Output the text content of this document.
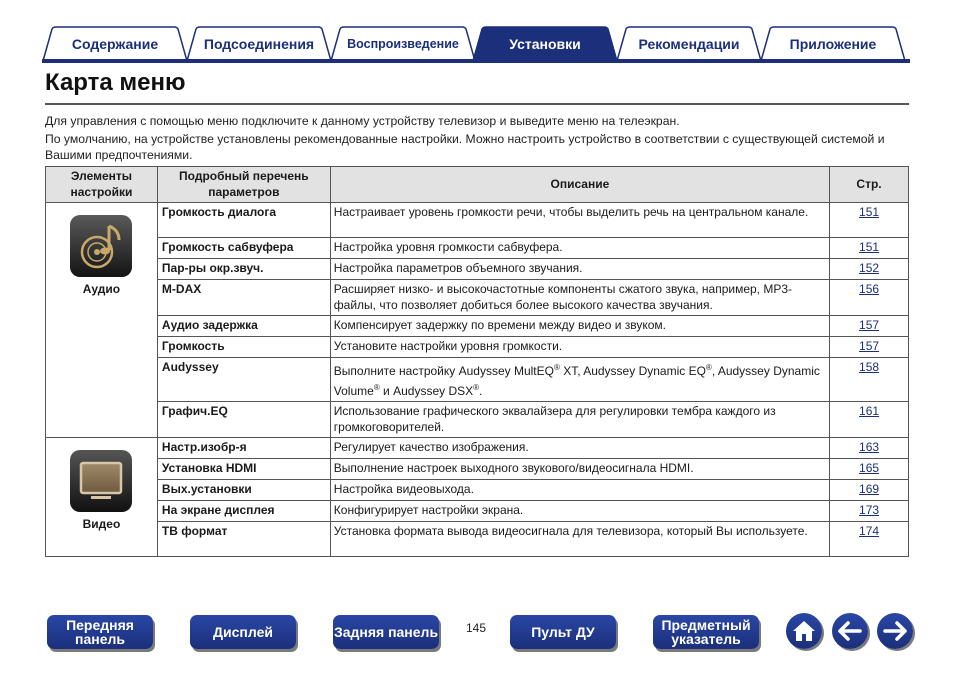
Содержание	Подсоединения	Воспроизведение	Установки	Рекомендации	Приложение
Карта меню

Для управления с помощью меню подключите к данному устройству телевизор и выведите меню на телеэкран.

По умолчанию, на устройстве установлены рекомендованные настройки. Можно настроить устройство в соответствии с существующей системой и Вашими предпочтениями.

Элементы настройки	Подробный перечень параметров	Описание	Стр.

Аудио	Громкость диалога	Настраивает уровень громкости речи, чтобы выделить речь на центральном канале.	151
	Громкость сабвуфера	Настройка уровня громкости сабвуфера.	151
	Пар-ры окр.звуч.	Настройка параметров объемного звучания.	152
	M-DAX	Расширяет низко- и высокочастотные компоненты сжатого звука, например, MP3-файлы, что позволяет добиться более высокого качества звучания.	156
	Аудио задержка	Компенсирует задержку по времени между видео и звуком.	157
	Громкость	Установите настройки уровня громкости.	157
	Audyssey	Выполните настройку Audyssey MultEQ® XT, Audyssey Dynamic EQ®, Audyssey Dynamic Volume® и Audyssey DSX®.	158
	Графич.EQ	Использование графического эквалайзера для регулировки тембра каждого из громкоговорителей.	161

Видео	Настр.изобр-я	Регулирует качество изображения.	163
	Установка HDMI	Выполнение настроек выходного звукового/видеосигнала HDMI.	165
	Вых.установки	Настройка видеовыхода.	169
	На экране дисплея	Конфигурирует настройки экрана.	173
	ТВ формат	Установка формата вывода видеосигнала для телевизора, который Вы используете.	174
Передняя панель	Дисплей	Задняя панель 145	Пульт ДУ	Предметный указатель
